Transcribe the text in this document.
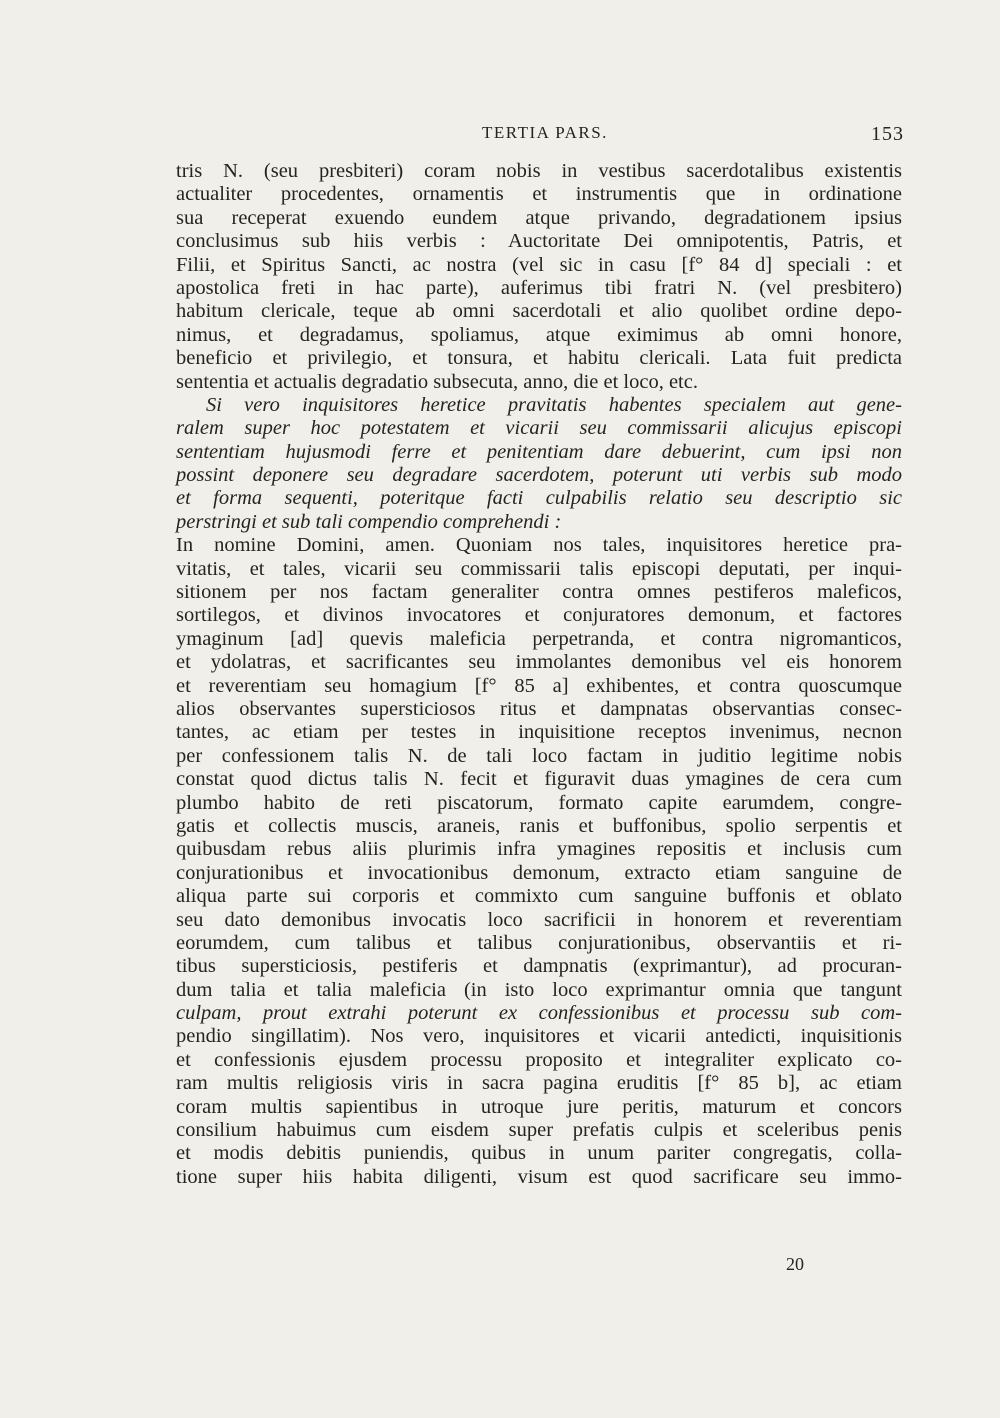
TERTIA PARS.	153
tris N. (seu presbiteri) coram nobis in vestibus sacerdotalibus existentis
actualiter procedentes, ornamentis et instrumentis que in ordinatione
sua receperat exuendo eundem atque privando, degradationem ipsius
conclusimus sub hiis verbis : Auctoritate Dei omnipotentis, Patris, et
Filii, et Spiritus Sancti, ac nostra (vel sic in casu [f° 84 d] speciali : et
apostolica freti in hac parte), auferimus tibi fratri N. (vel presbitero)
habitum clericale, teque ab omni sacerdotali et alio quolibet ordine depo-
nimus, et degradamus, spoliamus, atque eximimus ab omni honore,
beneficio et privilegio, et tonsura, et habitu clericali. Lata fuit predicta
sententia et actualis degradatio subsecuta, anno, die et loco, etc.
Si vero inquisitores heretice pravitatis habentes specialem aut gene-
ralem super hoc potestatem et vicarii seu commissarii alicujus episcopi
sententiam hujusmodi ferre et penitentiam dare debuerint, cum ipsi non
possint deponere seu degradare sacerdotem, poterunt uti verbis sub modo
et forma sequenti, poteritque facti culpabilis relatio seu descriptio sic
perstringi et sub tali compendio comprehendi :
In nomine Domini, amen. Quoniam nos tales, inquisitores heretice pra-
vitatis, et tales, vicarii seu commissarii talis episcopi deputati, per inqui-
sitionem per nos factam generaliter contra omnes pestiferos maleficos,
sortilegos, et divinos invocatores et conjuratores demonum, et factores
ymaginum [ad] quevis maleficia perpetranda, et contra nigromanticos,
et ydolatras, et sacrificantes seu immolantes demonibus vel eis honorem
et reverentiam seu homagium [f° 85 a] exhibentes, et contra quoscumque
alios observantes supersticiosos ritus et dampnatas observantias consec-
tantes, ac etiam per testes in inquisitione receptos invenimus, necnon
per confessionem talis N. de tali loco factam in juditio legitime nobis
constat quod dictus talis N. fecit et figuravit duas ymagines de cera cum
plumbo habito de reti piscatorum, formato capite earumdem, congre-
gatis et collectis muscis, araneis, ranis et buffonibus, spolio serpentis et
quibusdam rebus aliis plurimis infra ymagines repositis et inclusis cum
conjurationibus et invocationibus demonum, extracto etiam sanguine de
aliqua parte sui corporis et commixto cum sanguine buffonis et oblato
seu dato demonibus invocatis loco sacrificii in honorem et reverentiam
eorumdem, cum talibus et talibus conjurationibus, observantiis et ri-
tibus supersticiosis, pestiferis et dampnatis (exprimantur), ad procuran-
dum talia et talia maleficia (in isto loco exprimantur omnia que tangunt
culpam, prout extrahi poterunt ex confessionibus et processu sub com-
pendio singillatim). Nos vero, inquisitores et vicarii antedicti, inquisitionis
et confessionis ejusdem processu proposito et integraliter explicato co-
ram multis religiosis viris in sacra pagina eruditis [f° 85 b], ac etiam
coram multis sapientibus in utroque jure peritis, maturum et concors
consilium habuimus cum eisdem super prefatis culpis et sceleribus penis
et modis debitis puniendis, quibus in unum pariter congregatis, colla-
tione super hiis habita diligenti, visum est quod sacrificare seu immo-
20
